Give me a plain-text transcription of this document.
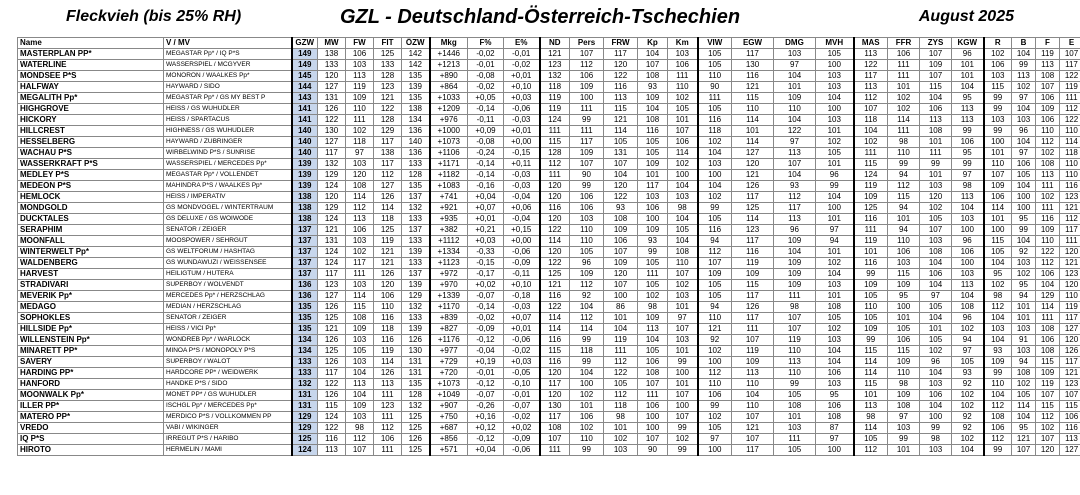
Fleckvieh (bis 25% RH)	GZL - Deutschland-Österreich-Tschechien	August 2025
Name	V / MV	GZW	MW	FW	FIT	ÖZW	Mkg	F%	E%	ND	Pers	FRW	Kp	Km	VIW	EGW	DMG	MVH	MAS	FFR	ZYS	KGW	R	B	F	E
MASTERPLAN PP*	MEGASTAR Pp* / IQ P*S	149	138	106	125	142	+1446	-0,02	-0,01	121	107	117	104	103	105	117	103	105	113	106	107	96	102	104	119	107
WATERLINE	WASSERSPIEL / MCGYVER	149	133	103	133	142	+1213	-0,01	-0,02	123	112	120	107	106	105	130	97	100	122	111	109	101	106	99	113	117
MONDSEE P*S	MONORON / WAALKES Pp*	145	120	113	128	135	+890	-0,08	+0,01	132	106	122	108	111	110	116	104	103	117	111	107	101	103	113	108	122
HALFWAY	HAYWARD / SIDO	144	127	119	123	139	+864	-0,02	+0,10	118	109	116	93	110	90	121	101	103	113	101	115	104	115	102	107	119
MEGALITH Pp*	MEGASTAR Pp* / GS MY BEST P	143	131	109	121	135	+1033	+0,05	+0,03	119	100	113	109	102	111	115	109	104	112	102	104	95	99	97	106	111
HIGHGROVE	HEISS / GS WUHUDLER	141	126	110	122	138	+1209	-0,14	-0,06	119	111	115	104	105	105	110	110	100	107	102	106	113	99	104	109	112
HICKORY	HEISS / SPARTACUS	141	122	111	128	134	+976	-0,11	-0,03	124	99	121	108	101	116	114	104	103	118	114	113	113	103	103	106	122
HILLCREST	HIGHNESS / GS WUHUDLER	140	130	102	129	136	+1000	+0,09	+0,01	111	111	114	116	107	118	101	122	101	104	111	108	99	99	96	110	110
HESSELBERG	HAYWARD / ZUBRINGER	140	127	118	117	140	+1073	-0,08	+0,00	115	117	105	105	106	102	114	97	102	102	98	101	106	100	104	112	114
WACHAU P*S	WIRBELWIND P*S / SUNRISE	140	117	97	138	136	+1106	-0,24	-0,15	128	109	131	105	114	104	127	113	105	111	110	111	95	101	97	102	118
WASSERKRAFT P*S	WASSERSPIEL / MERCEDES Pp*	139	132	103	117	133	+1171	-0,14	+0,11	112	107	107	109	102	103	120	107	101	115	99	99	99	110	106	108	110
MEDLEY P*S	MEGASTAR Pp* / VOLLENDET	139	129	120	112	128	+1182	-0,14	-0,03	111	90	104	101	100	100	121	104	96	124	94	101	97	107	105	113	110
MEDEON P*S	MAHINDRA P*S / WAALKES Pp*	139	124	108	127	135	+1083	-0,16	-0,03	120	99	120	117	104	104	126	93	99	119	112	103	98	109	104	111	116
HEMLOCK	HEISS / IMPERATIV	138	120	114	126	137	+741	+0,04	-0,04	120	106	122	103	103	102	117	112	104	109	115	120	113	106	100	102	123
MONDGOLD	GS MONDVOGEL / WINTERTRAUM	138	129	112	114	132	+921	+0,07	+0,06	116	106	93	106	98	99	125	117	100	125	94	102	104	114	100	111	121
DUCKTALES	GS DELUXE / GS WOIWODE	138	124	113	118	133	+935	+0,01	-0,04	120	103	108	100	104	105	114	113	101	116	101	105	103	101	95	116	112
SERAPHIM	SENATOR / ZEIGER	137	121	106	125	137	+382	+0,21	+0,15	122	110	109	109	105	116	123	96	97	111	94	107	100	100	99	109	117
MOONFALL	MOOSPOWER / SEHRGUT	137	131	103	119	133	+1112	+0,03	+0,00	114	110	106	93	104	94	117	109	94	119	110	103	96	115	104	110	111
WINTERWELT Pp*	GS WELTFORUM / HASHTAG	137	124	102	121	139	+1334	-0,33	-0,06	120	105	107	99	108	112	116	104	101	101	106	108	106	105	92	122	120
WALDENBERG	GS WUNDAWUZI / WEISSENSEE	137	124	117	121	133	+1123	-0,15	-0,09	122	96	109	105	110	107	119	109	102	116	103	104	100	104	103	112	121
HARVEST	HEILIGTUM / HUTERA	137	117	111	126	137	+972	-0,17	-0,11	125	109	120	111	107	109	109	109	104	99	115	106	103	95	102	106	123
STRADIVARI	SUPERBOY / WOLVENDT	136	123	103	120	139	+970	+0,02	+0,10	121	112	107	105	102	105	115	109	103	109	109	104	113	102	95	104	120
MEVERIK Pp*	MERCEDES Pp* / HERZSCHLAG	136	127	114	106	129	+1339	-0,07	-0,18	116	92	100	102	103	105	117	111	101	105	95	97	104	98	94	129	110
MEDAGO	MEDIAN / HERZSCHLAG	135	126	115	110	132	+1170	-0,14	-0,03	122	104	86	98	101	94	126	98	108	110	100	105	108	112	101	114	119
SOPHOKLES	SENATOR / ZEIGER	135	125	108	116	133	+839	-0,02	+0,07	114	112	101	109	97	110	117	107	105	105	101	104	96	104	101	111	117
HILLSIDE Pp*	HEISS / VICI Pp*	135	121	109	118	139	+827	-0,09	+0,01	114	114	104	113	107	121	111	107	102	109	105	101	102	103	103	108	127
WILLENSTEIN Pp*	WONDREB Pp* / WARLOCK	134	126	103	116	126	+1176	-0,12	-0,06	116	99	119	104	103	92	107	119	103	99	106	105	94	104	91	106	120
MINARETT PP*	MINOA P*S / MONOPOLY P*S	134	125	105	119	130	+977	-0,04	-0,02	115	118	111	105	101	102	119	110	104	115	115	102	97	93	103	108	126
SAVERY	SUPERBOY / WALOT	133	126	103	114	131	+729	+0,19	+0,03	116	99	112	106	99	100	109	113	104	114	109	96	105	109	94	115	117
HARDING PP*	HARDCORE PP* / WEIDWERK	133	117	104	126	131	+720	-0,01	-0,05	120	104	122	108	100	112	113	110	106	114	110	104	93	99	108	109	121
HANFORD	HANDKE P*S / SIDO	132	122	113	113	135	+1073	-0,12	-0,10	117	100	105	107	101	110	110	99	103	115	98	103	92	110	102	119	123
MOONWALK Pp*	MONET PP* / GS WUHUDLER	131	126	104	111	128	+1049	-0,07	-0,01	120	102	112	111	107	106	104	105	95	101	109	106	102	104	105	107	107
ILLER PP*	ISCHGL Pp* / MERCEDES Pp*	131	115	109	123	132	+907	-0,26	-0,07	130	101	118	106	100	99	110	108	106	113	108	104	102	112	114	115	115
MATERO PP*	MERDICO P*S / VOLLKOMMEN PP	129	124	103	111	125	+750	+0,16	-0,02	117	106	98	100	107	102	107	101	108	98	97	100	92	108	104	112	106
VREDO	VABI / WIKINGER	129	122	98	112	125	+687	+0,12	+0,02	108	102	101	100	99	105	121	103	87	114	103	99	92	106	95	102	116
IQ P*S	IRREGUT P*S / HARIBO	125	116	112	106	126	+856	-0,12	-0,09	107	110	102	107	102	97	107	111	97	105	99	98	102	112	121	107	113
HIROTO	HERMELIN / MAMI	124	113	107	111	125	+571	+0,04	-0,06	111	99	103	90	99	100	117	105	100	112	101	103	104	99	107	120	127
